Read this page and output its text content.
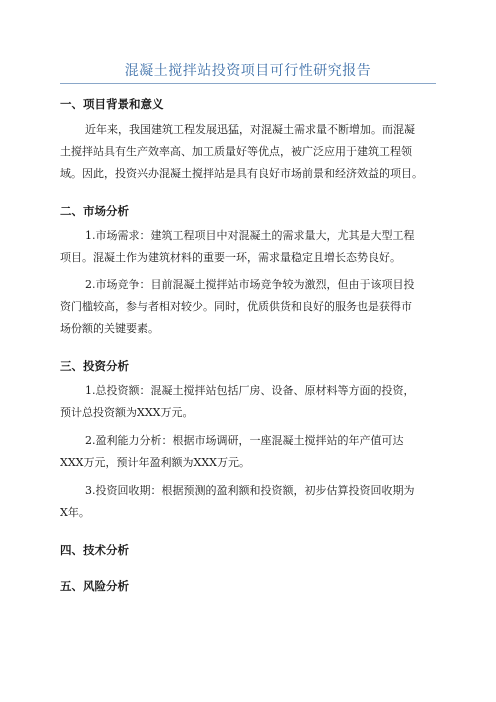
混凝土搅拌站投资项目可行性研究报告
一、项目背景和意义
近年来，我国建筑工程发展迅猛，对混凝土需求量不断增加。而混凝
土搅拌站具有生产效率高、加工质量好等优点，被广泛应用于建筑工程领
域。因此，投资兴办混凝土搅拌站是具有良好市场前景和经济效益的项目。
二、市场分析
1.市场需求：建筑工程项目中对混凝土的需求量大，尤其是大型工程
项目。混凝土作为建筑材料的重要一环，需求量稳定且增长态势良好。
2.市场竞争：目前混凝土搅拌站市场竞争较为激烈，但由于该项目投
资门槛较高，参与者相对较少。同时，优质供货和良好的服务也是获得市
场份额的关键要素。
三、投资分析
1.总投资额：混凝土搅拌站包括厂房、设备、原材料等方面的投资，
预计总投资额为XXX万元。
2.盈利能力分析：根据市场调研，一座混凝土搅拌站的年产值可达
XXX万元，预计年盈利额为XXX万元。
3.投资回收期：根据预测的盈利额和投资额，初步估算投资回收期为
X年。
四、技术分析
五、风险分析
